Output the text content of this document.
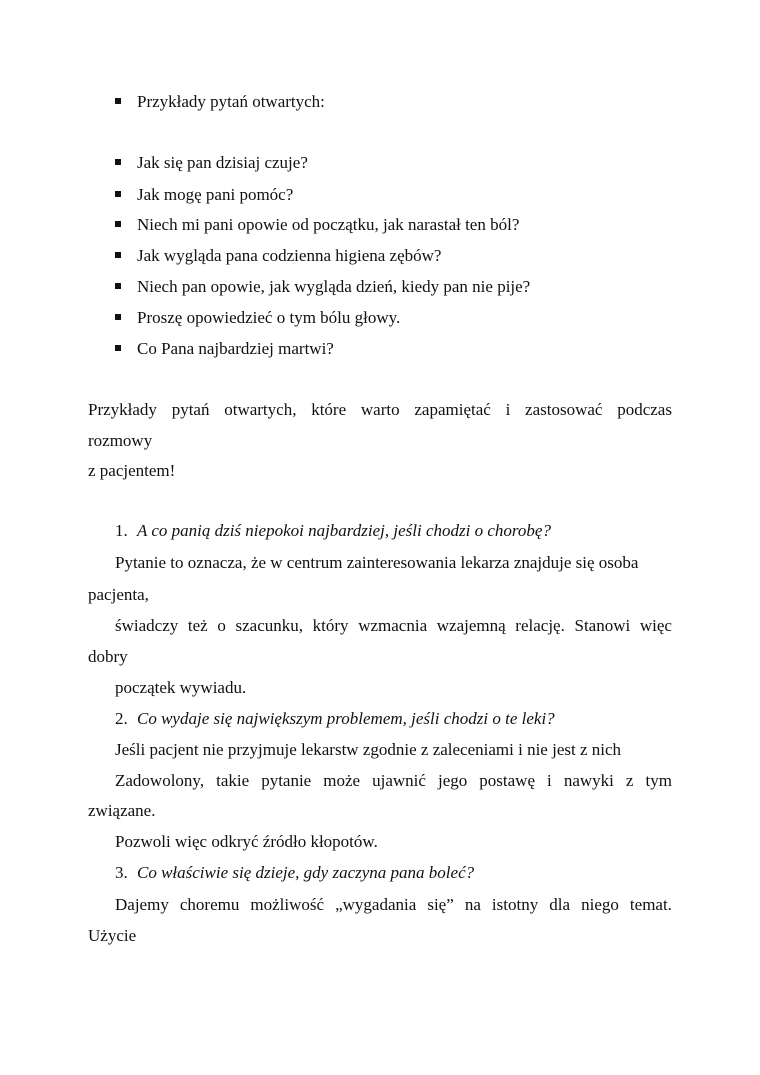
Przykłady pytań otwartych:
Jak się pan dzisiaj czuje?
Jak mogę pani pomóc?
Niech mi pani opowie od początku, jak narastał ten ból?
Jak wygląda pana codzienna higiena zębów?
Niech pan opowie, jak wygląda dzień, kiedy pan nie pije?
Proszę opowiedzieć o tym bólu głowy.
Co Pana najbardziej martwi?
Przykłady pytań otwartych, które warto zapamiętać i zastosować podczas
rozmowy
z pacjentem!
1. A co panią dziś niepokoi najbardziej, jeśli chodzi o chorobę?
Pytanie to oznacza, że w centrum zainteresowania lekarza znajduje się osoba
pacjenta,
świadczy też o szacunku, który wzmacnia wzajemną relację. Stanowi więc
dobry
początek wywiadu.
2. Co wydaje się największym problemem, jeśli chodzi o te leki?
Jeśli pacjent nie przyjmuje lekarstw zgodnie z zaleceniami i nie jest z nich
Zadowolony, takie pytanie może ujawnić jego postawę i nawyki z tym
związane.
Pozwoli więc odkryć źródło kłopotów.
3. Co właściwie się dzieje, gdy zaczyna pana boleć?
Dajemy choremu możliwość „wygadania się” na istotny dla niego temat.
Użycie
